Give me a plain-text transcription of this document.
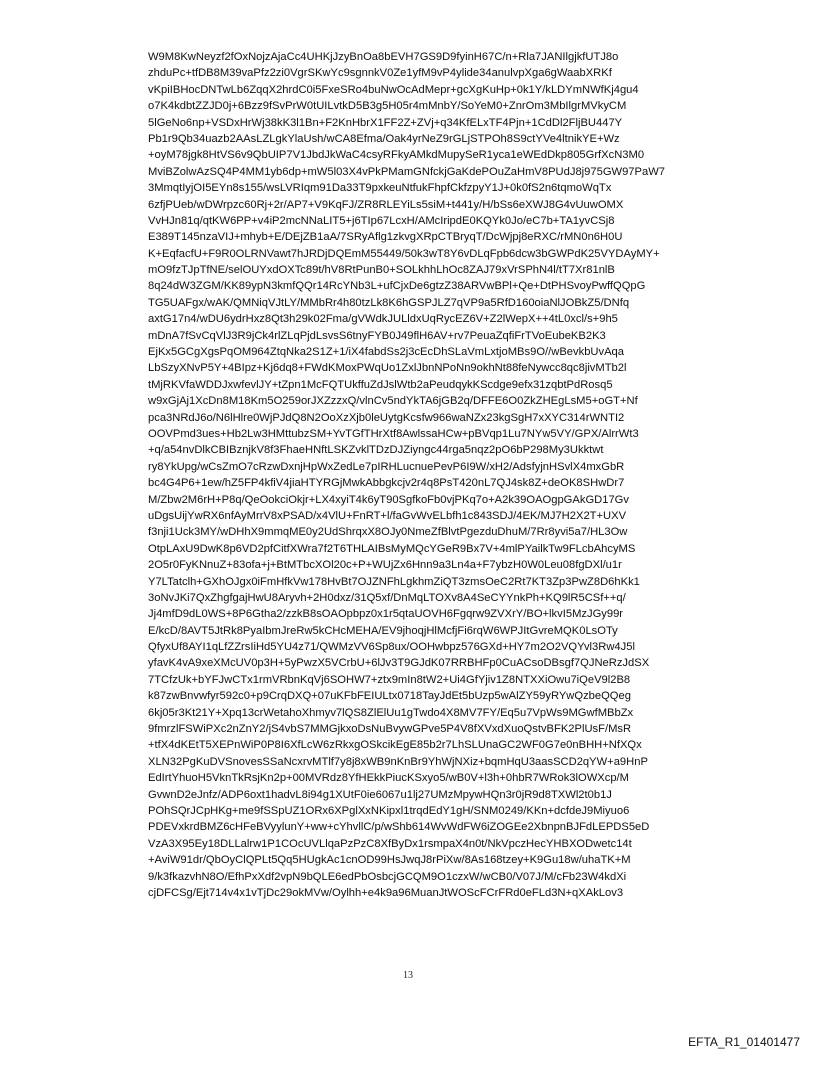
W9M8KwNeyzf2fOxNojzAjaCc4UHKjJzyBnOa8bEVH7GS9D9fyinH67C/n+Rla7JANIlgjkfUTJ8o
zhduPc+tfDB8M39vaPfz2zi0VgrSKwYc9sgnnkV0Ze1yfM9vP4ylide34anulvpXga6gWaabXRKf
vKpiIBHocDNTwLb6ZqqX2hrdC0i5FxeSRo4buNwOcAdMepr+gcXgKuHp+0k1Y/kLDYmNWfKj4gu4
o7K4kdbtZZJD0j+6Bzz9fSvPrW0tUILvtkD5B3g5H05r4mMnbY/SoYeM0+ZnrOm3MbIlgrMVkyCM
5lGeNo6np+VSDxHrWj38kK3l1Bn+F2KnHbrX1FF2Z+ZVj+q34KfELxTF4Pjn+1CdDl2FljBU447Y
Pb1r9Qb34uazb2AAsLZLgkYlaUsh/wCA8Efma/Oak4yrNeZ9rGLjSTPOh8S9ctYVe4ltnikYE+Wz
+oyM78jgk8HtVS6v9QbUIP7V1JbdJkWaC4csyRFkyAMkdMupySeR1yca1eWEdDkp805GrfXcN3M0
MviBZolwAzSQ4P4MM1yb6dp+mW5l03X4vPkPMamGNfckjGaKdePOuZaHmV8PUdJ8j975GW97PaW7
3MmqtIyjOI5EYn8s155/wsLVRIqm91Da33T9pxkeuNtfukFhpfCkfzpyY1J+0k0fS2n6tqmoWqTx
6zfjPUeb/wDWrpzc60Rj+2r/AP7+V9KqFJ/ZR8RLEYiLs5siM+t441y/H/bSs6eXWJ8G4vUuwOMX
VvHJn81q/qtKW6PP+v4iP2mcNNaLIT5+j6TIp67LcxH/AMcIripdE0KQYk0Jo/eC7b+TA1yvCSj8
E389T145nzaVIJ+mhyb+E/DEjZB1aA/7SRyAflg1zkvgXRpCTBryqT/DcWjpj8eRXC/rMN0n6H0U
K+EqfacfU+F9R0OLRNVawt7hJRDjDQEmM55449/50k3wT8Y6vDLqFpb6dcw3bGWPdK25VYDAyMY+
mO9fzTJpTfNE/selOUYxdOXTc89t/hV8RtPunB0+SOLkhhLhOc8ZAJ79xVrSPhN4l/tT7Xr81nlB
8q24dW3ZGM/KK89ypN3kmfQQr14RcYNb3L+ufCjxDe6gtzZ38ARVwBPl+Qe+DtPHSvoyPwffQQpG
TG5UAFgx/wAK/QMNiqVJtLY/MMbRr4h80tzLk8K6hGSPJLZ7qVP9a5RfD160oiaNlJOBkZ5/DNfq
axtG17n4/wDU6ydrHxz8Qt3h29k02Fma/gVWdkJULldxUqRycEZ6V+Z2lWepX++4tL0xcl/s+9h5
mDnA7fSvCqVlJ3R9jCk4rlZLqPjdLsvsS6tnyFYB0J49flH6AV+rv7PeuaZqfiFrTVoEubeKB2K3
EjKx5GCgXgsPqOM964ZtqNka2S1Z+1/iX4fabdSs2j3cEcDhSLaVmLxtjoMBs9O//wBevkbUvAqa
LbSzyXNvP5Y+4BIpz+Kj6dq8+FWdKMoxPWqUo1ZxlJbnNPoNn9okhNt88feNywcc8qc8jivMTb2l
tMjRKVfaWDDJxwfevlJY+tZpn1McFQTUkffuZdJslWtb2aPeudqykKScdge9efx31zqbtPdRosq5
w9xGjAj1XcDn8M18Km5O259orJXZzzxQ/vlnCv5ndYkTA6jGB2q/DFFE6O0ZkZHEgLsM5+oGT+Nf
pca3NRdJ6o/N6lHlre0WjPJdQ8N2OoXzXjb0leUytgKcsfw966waNZx23kgSgH7xXYC314rWNTI2
OOVPmd3ues+Hb2Lw3HMttubzSM+YvTGfTHrXtf8AwlssaHCw+pBVqp1Lu7NYw5VY/GPX/AlrrWt3
+q/a54nvDlkCBIBznjkV8f3FhaeHNftLSKZvklTDzDJZiyngc44rga5nqz2pO6bP298My3Ukktwt
ry8YkUpg/wCsZmO7cRzwDxnjHpWxZedLe7pIRHLucnuePevP6I9W/xH2/AdsfyjnHSvlX4mxGbR
bc4G4P6+1ew/hZ5FP4kfiV4jiaHTYRGjMwkAbbgkcjv2r4q8PsT420nL7QJ4sk8Z+deOK8SHwDr7
M/Zbw2M6rH+P8q/QeOokciOkjr+LX4xyiT4k6yT90SgfkoFb0vjPKq7o+A2k39OAOgpGAkGD17Gv
uDgsUijYwRX6nfAyMrrV8xPSAD/x4VlU+FnRT+l/faGvWvELbfh1c843SDJ/4EK/MJ7H2X2T+UXV
f3nji1Uck3MY/wDHhX9mmqME0y2UdShrqxX8OJy0NmeZfBlvtPgezduDhuM/7Rr8yvi5a7/HL3Ow
OtpLAxU9DwK8p6VD2pfCitfXWra7f2T6THLAIBsMyMQcYGeR9Bx7V+4mlPYailkTw9FLcbAhcyMS
2O5r0FyKNnuZ+83ofa+j+BtMTbcXOl20c+P+WUjZx6Hnn9a3Ln4a+F7ybzH0W0Leu08fgDXl/u1r
Y7LTatclh+GXhOJgx0iFmHfkVw178HvBt7OJZNFhLgkhmZiQT3zmsOeC2Rt7KT3Zp3PwZ8D6hKk1
3oNvJKi7QxZhgfgajHwU8Aryvh+2H0dxz/31Q5xf/DnMqLTOXv8A4SeCYYnkPh+KQ9lR5CSf++q/
Jj4mfD9dL0WS+8P6Gtha2/zzkB8sOAOpbpz0x1r5qtaUOVH6Fgqrw9ZVXrY/BO+lkvI5MzJGy99r
E/kcD/8AVT5JtRk8PyaIbmJreRw5kCHcMEHA/EV9jhoqjHlMcfjFi6rqW6WPJItGvreMQK0LsOTy
QfyxUf8AYI1qLfZZrsIiHd5YU4z71/QWMzVV6Sp8ux/OOHwbpz576GXd+HY7m2O2VQYvl3Rw4J5l
yfavK4vA9xeXMcUV0p3H+5yPwzX5VCrbU+6lJv3T9GJdK07RRBHFp0CuACsoDBsgf7QJNeRzJdSX
7TCfzUk+bYFJwCTx1rmVRbnKqVj6SOHW7+ztx9mIn8tW2+Ui4GfYjiv1Z8NTXXiOwu7iQeV9l2B8
k87zwBnvwfyr592c0+p9CrqDXQ+07uKFbFEIULtx0718TayJdEt5bUzp5wAlZY59yRYwQzbeQQeg
6kj05r3Kt21Y+Xpq13crWetahoXhmyv7lQS8ZlElUu1gTwdo4X8MV7FY/Eq5u7VpWs9MGwfMBbZx
9fmrzlFSWiPXc2nZnY2/jS4vbS7MMGjkxoDsNuBvywGPve5P4V8fXVxdXuoQstvBFK2PlUsF/MsR
+tfX4dKEtT5XEPnWiP0P8I6XfLcW6zRkxgOSkcikEgE85b2r7LhSLUnaGC2WF0G7e0nBHH+NfXQx
XLN32PgKuDVSnovesSSaNcxrvMTlf7y8j8xWB9nKnBr9YhWjNXiz+bqmHqU3aasSCD2qYW+a9HnP
EdIrtYhuoH5VknTkRsjKn2p+00MVRdz8YfHEkkPiucKSxyo5/wB0V+l3h+0hbR7WRok3lOWXcp/M
GvwnD2eJnfz/ADP6oxt1hadvL8i94g1XUtF0ie6067u1lj27UMzMpywHQn3r0jR9d8TXWl2t0b1J
POhSQrJCpHKg+me9fSSpUZ1ORx6XPglXxNKipxl1trqdEdY1gH/SNM0249/KKn+dcfdeJ9Miyuo6
PDEVxkrdBMZ6cHFeBVyylunY+ww+cYhvllC/p/wShb614WvWdFW6iZOGEe2XbnpnBJFdLEPDS5eD
VzA3X95Ey18DLLalrw1P1COcUVLlqaPzPzC8XfByDx1rsmpaX4n0t/NkVpczHecYHBXODwetc14t
+AviW91dr/QbOyClQPLt5Qq5HUgkAc1cnOD99HsJwqJ8rPiXw/8As168tzey+K9Gu18w/uhaTK+M
9/k3fkazvhN8O/EfhPxXdf2vpN9bQLE6edPbOsbcjGCQM9O1czxW/wCB0/V07J/M/cFb23W4kdXi
cjDFCSg/Ejt714v4x1vTjDc29okMVw/Oylhh+e4k9a96MuanJtWOScFCrFRd0eFLd3N+qXAkLov3
13
EFTA_R1_01401477
